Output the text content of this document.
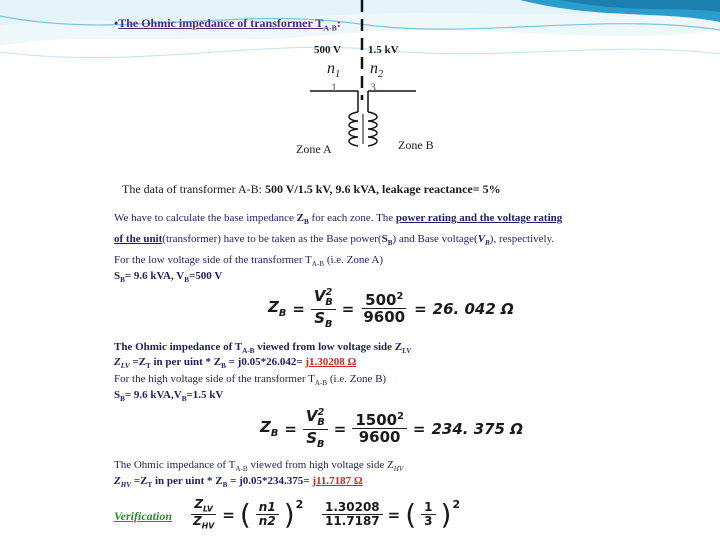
•The Ohmic impedance of transformer $T_{A-B}$:
500 V 1.5 kV
$n_1$ $n_2$
1	3
Zone A	Zone B
The data of transformer A-B: 500 V/1.5 kV, 9.6 kVA, leakage reactance= 5%
We have to calculate the base impedance $Z_B$ for each zone. The power rating and the voltage rating
of the unit(transformer) have to be taken as the Base $power(S_B)$ and Base $voltage(V_B)$, respectively.
For the low voltage side of the transformer $T_{A-B}$ (i.e. Zone A)
$S_B= 9.6$ kVA, $V_B=500$ V
$Z_B = \frac{V^2_B}{S_B} = \frac{500^2}{9600} = 26$. 042 Ω
The Ohmic impedance of $T_{A-B}$ viewed from low voltage side $Z_{LV}$
$Z_{LV} =Z_T$ in per uint * $Z_B = j0.05*26.042= j1.30208$ Ω
For the high voltage side of the transformer $T_{A-B}$ (i.e. Zone B)
$S_B= 9.6$ $kVA,V_B=1.5$ kV
$Z_B = \frac{V^2_B}{S_B} = \frac{1500^2}{9600} = 234$. 375 Ω
The Ohmic impedance of $T_{A-B}$ viewed from high voltage side $Z_{HV}$
$Z_{HV} =Z_T$ in per uint * $Z_B = j0.05*234.375= j11.7187$ Ω
Verification $\frac{Z_{LV}}{Z_{HV}}$ = ( $\frac{n1}{n2}$ ) $2 \frac{1.30208}{11.7187}$ = ( $\frac{1}{3}$ ) 2
